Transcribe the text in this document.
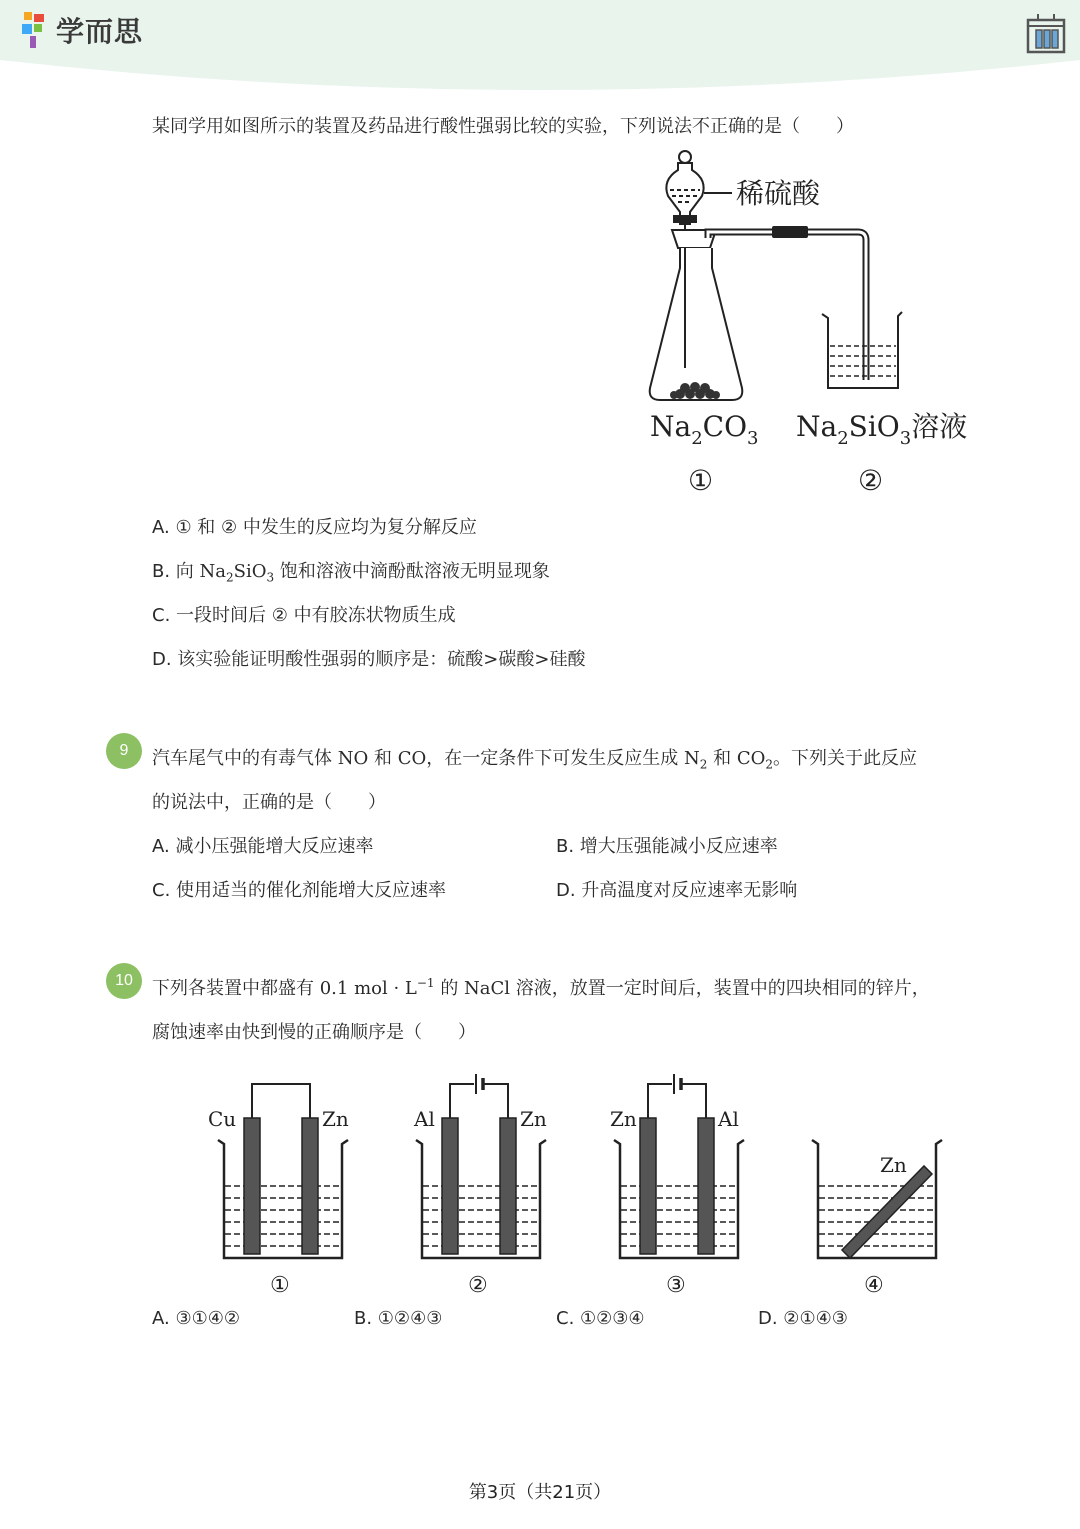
学而思
某同学用如图所示的装置及药品进行酸性强弱比较的实验，下列说法不正确的是（　　）
稀硫酸
$Na_2CO_3$
①
$Na_2SiO_3$溶液
②
A. ① 和 ② 中发生的反应均为复分解反应
B. 向 $Na_2SiO_3$ 饱和溶液中滴酚酞溶液无明显现象
C. 一段时间后 ② 中有胶冻状物质生成
D. 该实验能证明酸性强弱的顺序是：硫酸>碳酸>硅酸
9	汽车尾气中的有毒气体 NO 和 CO，在一定条件下可发生反应生成 $N_2$ 和 $CO_2$。下列关于此反应
的说法中，正确的是（　　）
A. 减小压强能增大反应速率	B. 增大压强能减小反应速率
C. 使用适当的催化剂能增大反应速率	D. 升高温度对反应速率无影响
10	下列各装置中都盛有 0.1 mol · $L^{-1}$ 的 NaCl 溶液，放置一定时间后，装置中的四块相同的锌片，
腐蚀速率由快到慢的正确顺序是（　　）
Cu	Zn
①
Al	Zn
②
Zn	Al
③
Zn
④
A. ③①④②	B. ①②④③	C. ①②③④	D. ②①④③
第3页（共21页）
